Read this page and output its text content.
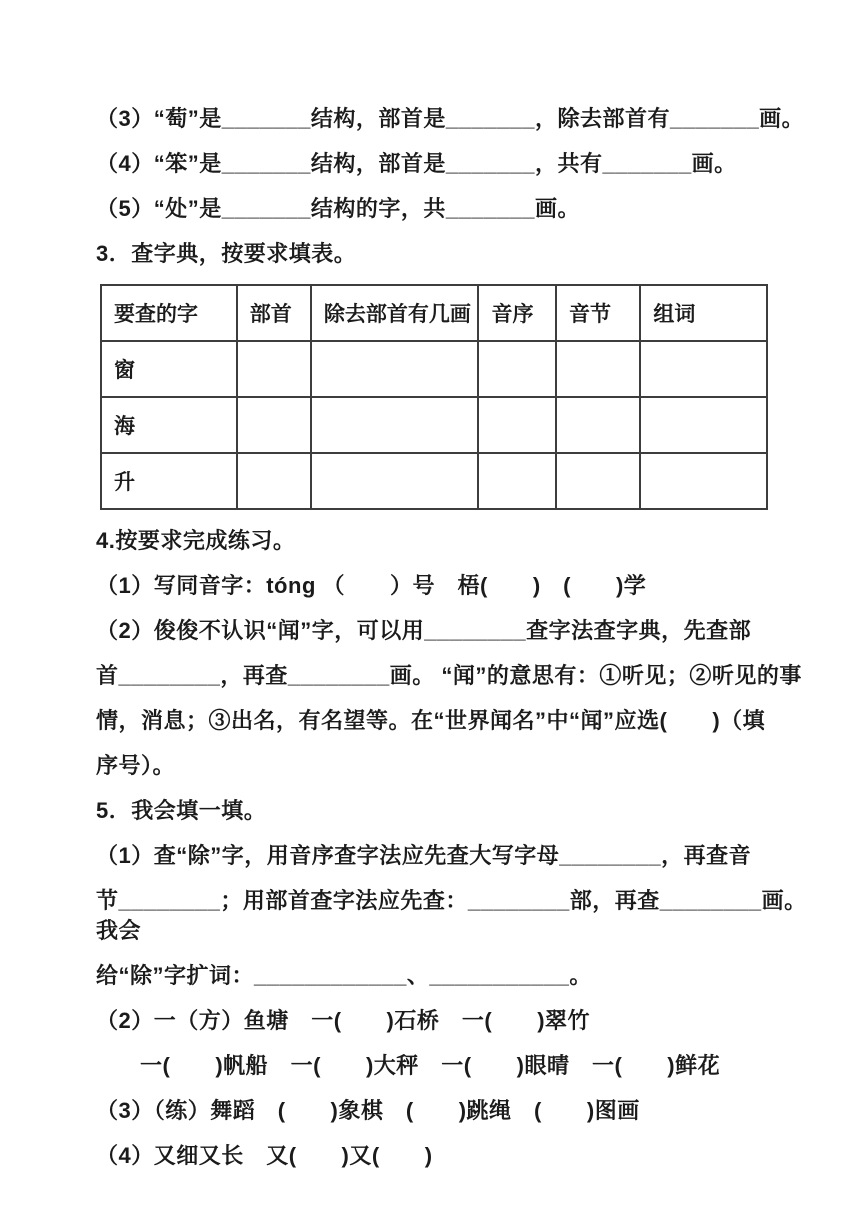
（3）“萄”是_______结构，部首是_______，除去部首有_______画。
（4）“笨”是_______结构，部首是_______，共有_______画。
（5）“处”是_______结构的字，共_______画。
3．查字典，按要求填表。
要查的字	部首	除去部首有几画	音序	音节	组词
窗					
海					
升					
4.按要求完成练习。
（1）写同音字：tóng （　　）号　梧(　　)　(　　)学
（2）俊俊不认识“闻”字，可以用________查字法查字典，先查部
首________，再查________画。 “闻”的意思有：①听见；②听见的事
情，消息；③出名，有名望等。在“世界闻名”中“闻”应选(　　)（填
序号）。
5．我会填一填。
（1）查“除”字，用音序查字法应先查大写字母________，再查音
节________；用部首查字法应先查：________部，再查________画。我会
给“除”字扩词：____________、___________。
（2）一（方）鱼塘　一(　　)石桥　一(　　)翠竹
一(　　)帆船　一(　　)大秤　一(　　)眼晴　一(　　)鲜花
（3）（练）舞蹈　(　　)象棋　(　　)跳绳　(　　)图画
（4）又细又长　又(　　)又(　　)
